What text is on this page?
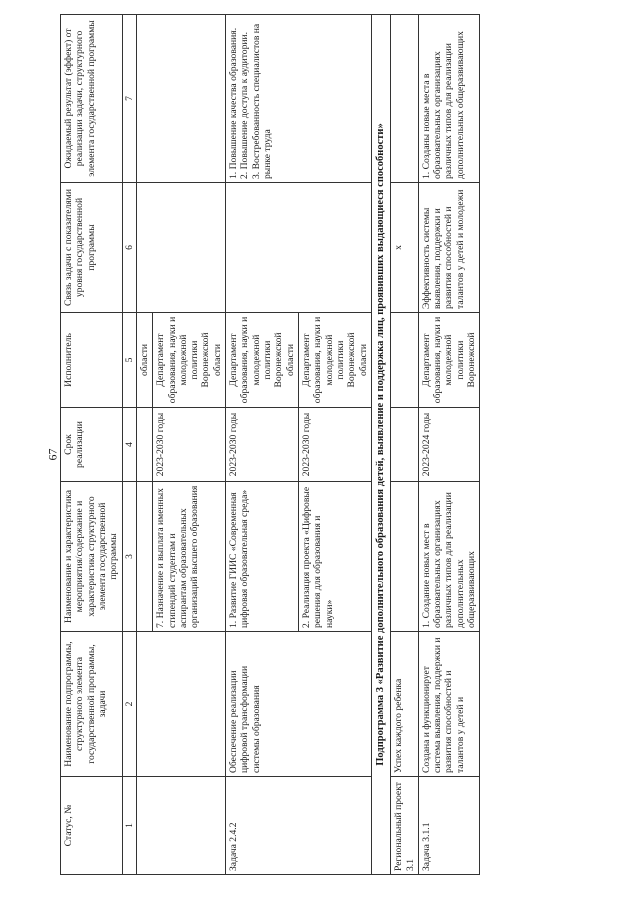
67
Статус, №	Наименование подпрограммы, структурного элемента государственной программы, задачи	Наименование и характеристика мероприятия/содержание и характеристика структурного элемента государственной программы	Срок реализации	Исполнитель	Связь задачи с показателями уровня государственной программы	Ожидаемый результат (эффект) от реализации задачи, структурного элемента государственной программы
1	2	3	4	5	6	7
				области		
		7. Назначение и выплата именных стипендий студентам и аспирантам образовательных организаций высшего образования	2023-2030 годы	Департамент образования, науки и молодежной политики Воронежской области		
Задача 2.4.2	Обеспечение реализации цифровой трансформации системы образования	1. Развитие ГИИС «Современная цифровая образовательная среда»	2023-2030 годы	Департамент образования, науки и молодежной политики Воронежской области		1. Повышение качества образования.
2. Повышение доступа к аудитории.
3. Востребованность специалистов на рынке труда
		2. Реализация проекта «Цифровые решения для образования и науки»	2023-2030 годы	Департамент образования, науки и молодежной политики Воронежской области		
Подпрограмма 3 «Развитие дополнительного образования детей, выявление и поддержка лиц, проявивших выдающиеся способности»						
Региональный проект 3.1	Успех каждого ребенка				x	
Задача 3.1.1	Создана и функционирует система выявления, поддержки и развития способностей и талантов у детей и	1. Создание новых мест в образовательных организациях различных типов для реализации дополнительных общеразвивающих	2023-2024 годы	Департамент образования, науки и молодежной политики Воронежской	Эффективность системы выявления, поддержки и развития способностей и талантов у детей и молодежи	1. Созданы новые места в образовательных организациях различных типов для реализации дополнительных общеразвивающих
